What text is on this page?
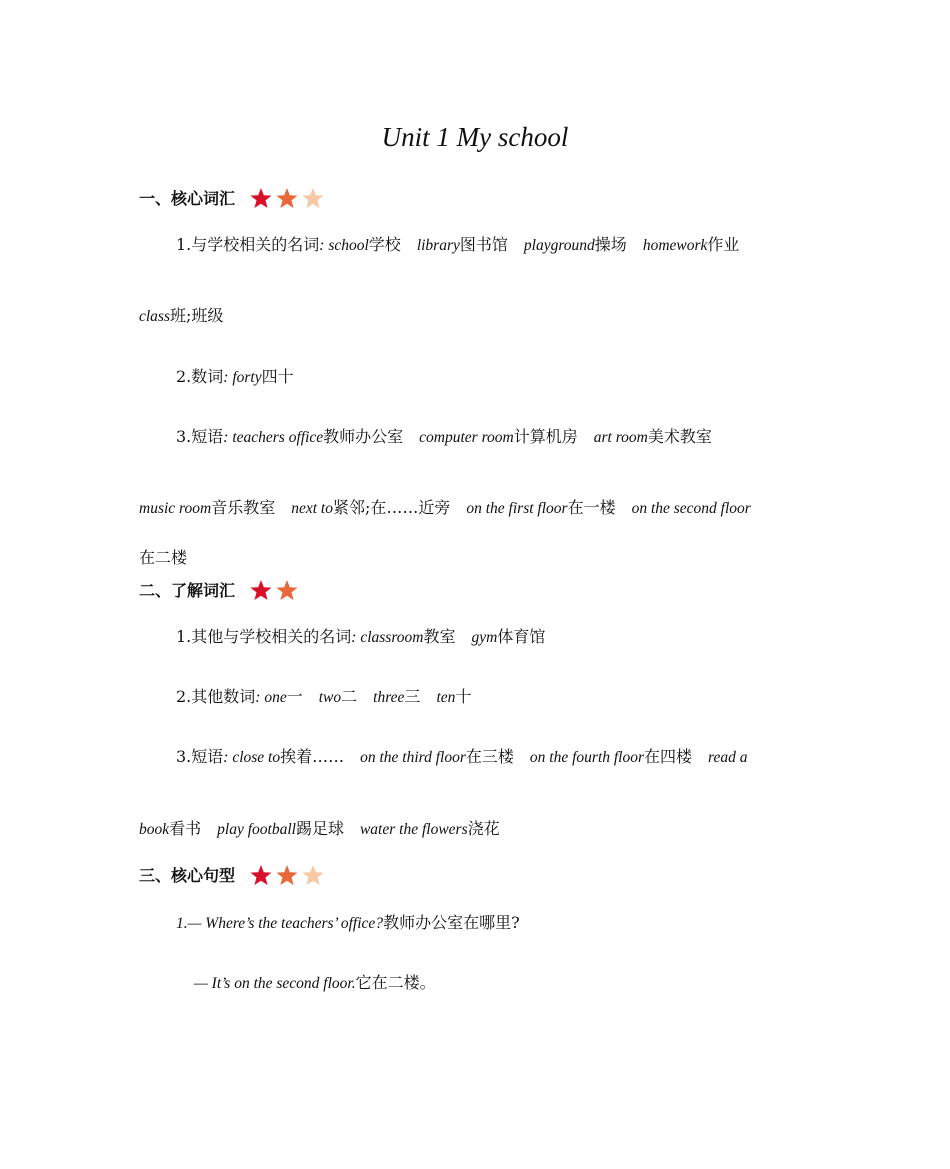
Unit 1 My school
一、核心词汇
1.与学校相关的名词: school学校 library图书馆 playground操场 homework作业
class班;班级
2.数词: forty四十
3.短语: teachers office教师办公室 computer room计算机房 art room美术教室
music room音乐教室 next to紧邻;在……近旁 on the first floor在一楼 on the second floor
在二楼
二、了解词汇
1.其他与学校相关的名词: classroom教室 gym体育馆
2.其他数词: one一 two二 three三 ten十
3.短语: close to挨着…… on the third floor在三楼 on the fourth floor在四楼 read a
book看书 play football踢足球 water the flowers浇花
三、核心句型
1.— Where’s the teachers’ office?教师办公室在哪里?
— It’s on the second floor.它在二楼。
